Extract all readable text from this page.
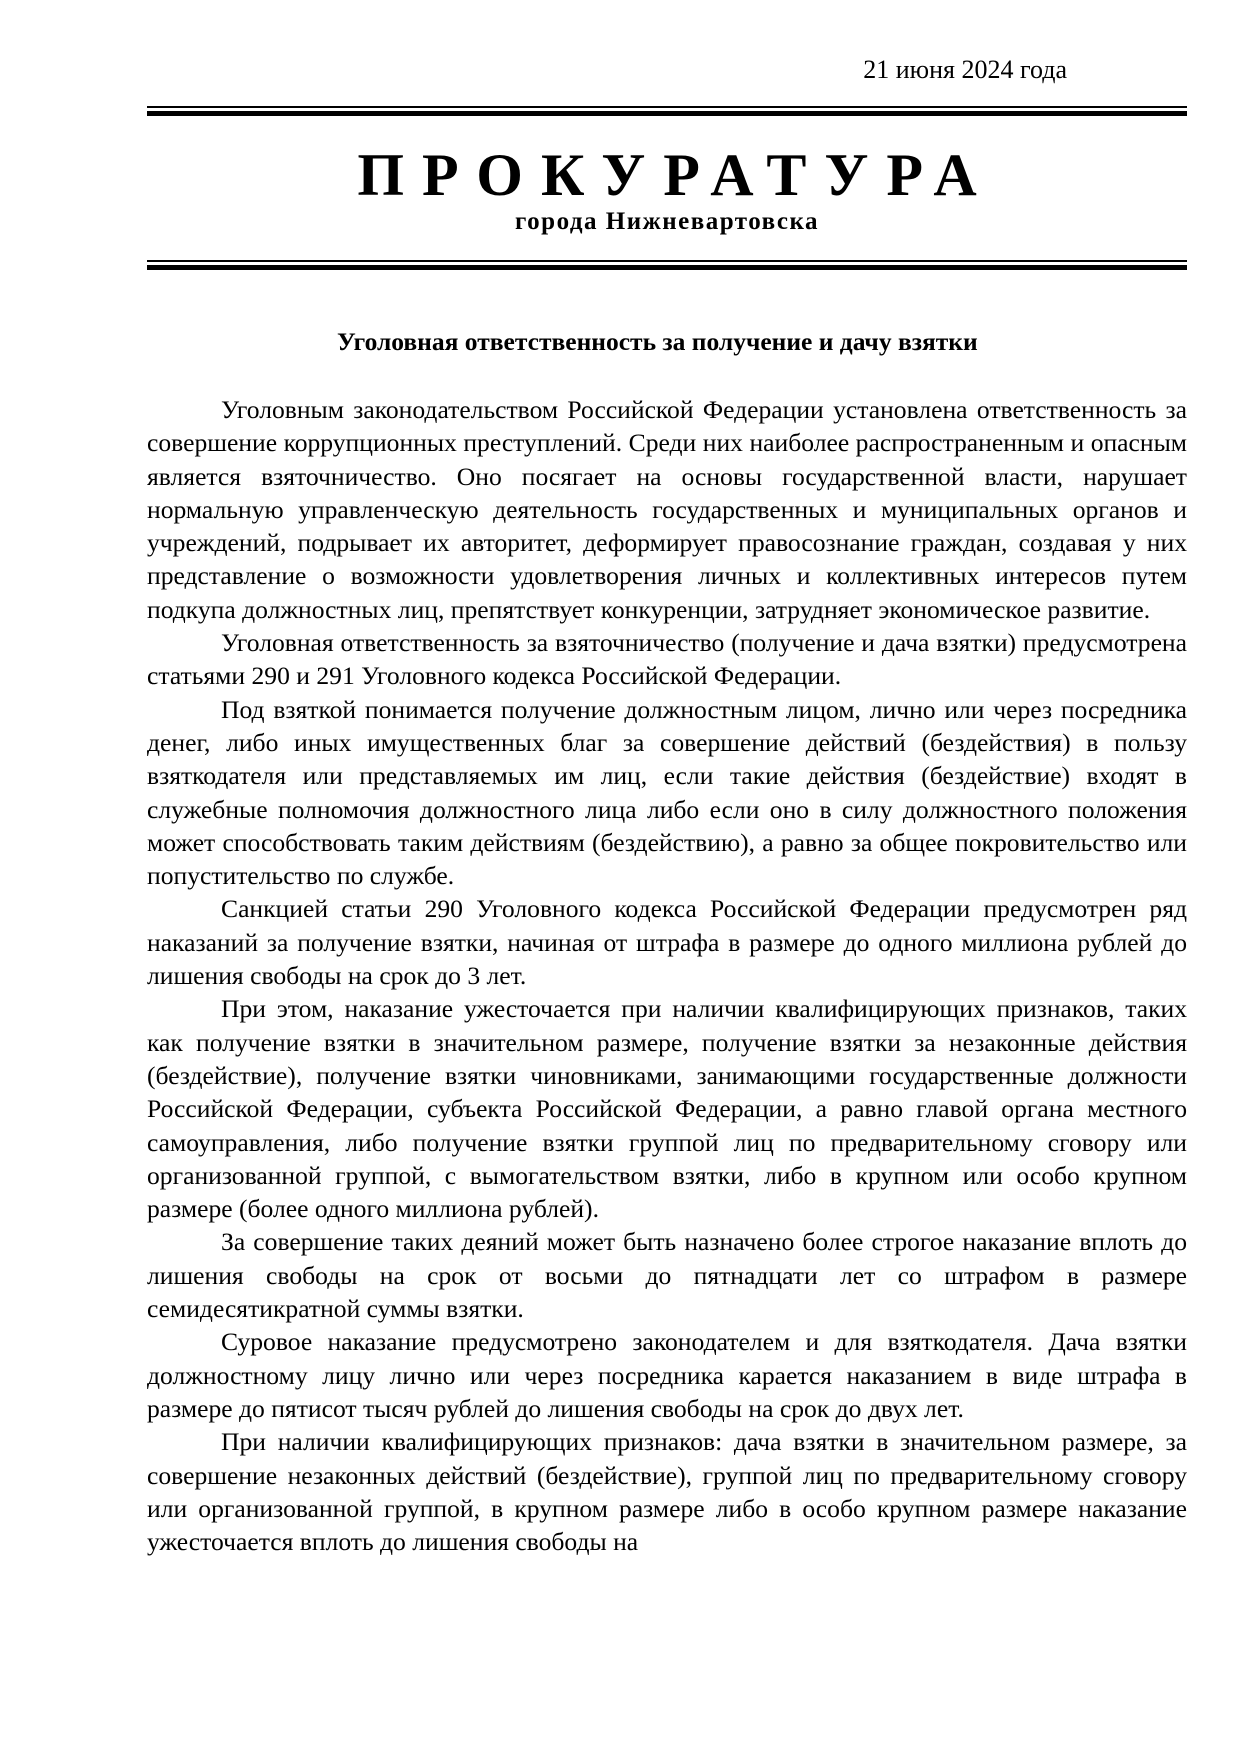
21 июня 2024 года
ПРОКУРАТУРА
города Нижневартовска
Уголовная ответственность за получение и дачу взятки

Уголовным законодательством Российской Федерации установлена ответственность за совершение коррупционных преступлений. Среди них наиболее распространенным и опасным является взяточничество. Оно посягает на основы государственной власти, нарушает нормальную управленческую деятельность государственных и муниципальных органов и учреждений, подрывает их авторитет, деформирует правосознание граждан, создавая у них представление о возможности удовлетворения личных и коллективных интересов путем подкупа должностных лиц, препятствует конкуренции, затрудняет экономическое развитие.

Уголовная ответственность за взяточничество (получение и дача взятки) предусмотрена статьями 290 и 291 Уголовного кодекса Российской Федерации.

Под взяткой понимается получение должностным лицом, лично или через посредника денег, либо иных имущественных благ за совершение действий (бездействия) в пользу взяткодателя или представляемых им лиц, если такие действия (бездействие) входят в служебные полномочия должностного лица либо если оно в силу должностного положения может способствовать таким действиям (бездействию), а равно за общее покровительство или попустительство по службе.

Санкцией статьи 290 Уголовного кодекса Российской Федерации предусмотрен ряд наказаний за получение взятки, начиная от штрафа в размере до одного миллиона рублей до лишения свободы на срок до 3 лет.

При этом, наказание ужесточается при наличии квалифицирующих признаков, таких как получение взятки в значительном размере, получение взятки за незаконные действия (бездействие), получение взятки чиновниками, занимающими государственные должности Российской Федерации, субъекта Российской Федерации, а равно главой органа местного самоуправления, либо получение взятки группой лиц по предварительному сговору или организованной группой, с вымогательством взятки, либо в крупном или особо крупном размере (более одного миллиона рублей).

За совершение таких деяний может быть назначено более строгое наказание вплоть до лишения свободы на срок от восьми до пятнадцати лет со штрафом в размере семидесятикратной суммы взятки.

Суровое наказание предусмотрено законодателем и для взяткодателя. Дача взятки должностному лицу лично или через посредника карается наказанием в виде штрафа в размере до пятисот тысяч рублей до лишения свободы на срок до двух лет.

При наличии квалифицирующих признаков: дача взятки в значительном размере, за совершение незаконных действий (бездействие), группой лиц по предварительному сговору или организованной группой, в крупном размере либо в особо крупном размере наказание ужесточается вплоть до лишения свободы на
